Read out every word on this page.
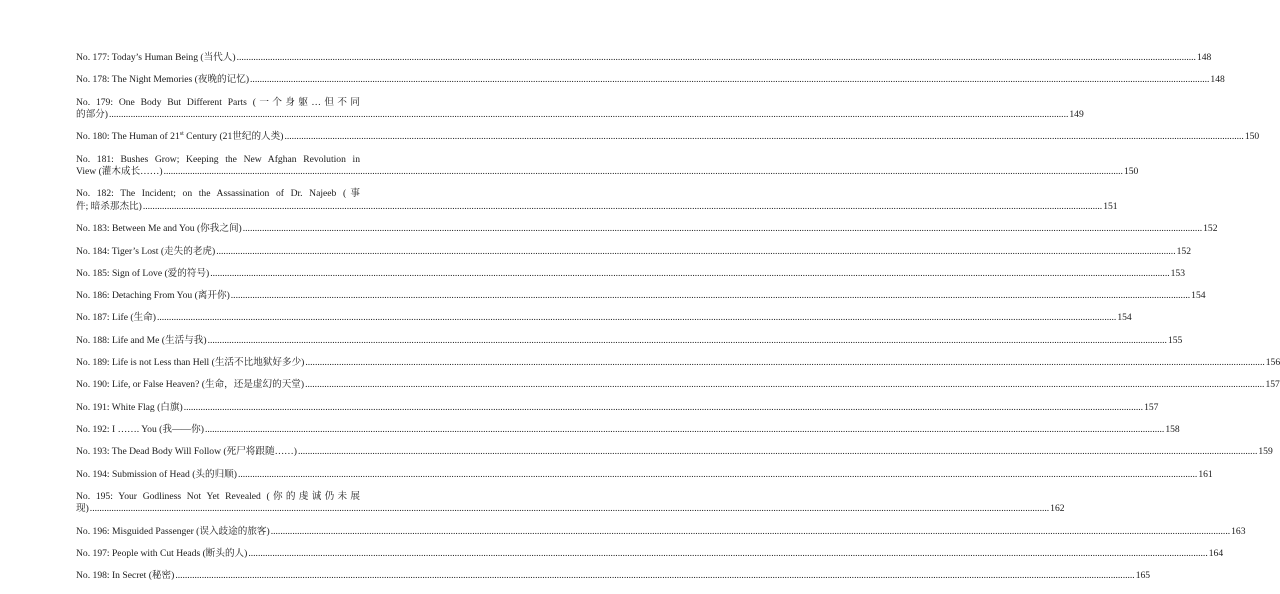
No. 177: Today’s Human Being (当代人) ................................................................................................................................................................................................................................................................................................................................................................................................................ 148
No. 178: The Night Memories (夜晚的记忆) ................................................................................................................................................................................................................................................................................................................................................................................................................ 148
No. 179: One Body But Different Parts (一个身躯…但不同
的部分) ................................................................................................................................................................................................................................................................................................................................................................................................................ 149
No. 180: The Human of 21st Century (21世纪的人类) ................................................................................................................................................................................................................................................................................................................................................................................................................ 150
No. 181: Bushes Grow; Keeping the New Afghan Revolution in
View (灌木成长……) ................................................................................................................................................................................................................................................................................................................................................................................................................ 150
No. 182: The Incident; on the Assassination of Dr. Najeeb (事
件; 暗杀那杰比) ................................................................................................................................................................................................................................................................................................................................................................................................................ 151
No. 183: Between Me and You (你我之间) ................................................................................................................................................................................................................................................................................................................................................................................................................ 152
No. 184: Tiger’s Lost (走失的老虎) ................................................................................................................................................................................................................................................................................................................................................................................................................ 152
No. 185: Sign of Love (爱的符号) ................................................................................................................................................................................................................................................................................................................................................................................................................ 153
No. 186: Detaching From You (离开你) ................................................................................................................................................................................................................................................................................................................................................................................................................ 154
No. 187: Life (生命) ................................................................................................................................................................................................................................................................................................................................................................................................................ 154
No. 188: Life and Me (生活与我) ................................................................................................................................................................................................................................................................................................................................................................................................................ 155
No. 189: Life is not Less than Hell (生活不比地狱好多少) ................................................................................................................................................................................................................................................................................................................................................................................................................ 156
No. 190: Life, or False Heaven? (生命，还是虚幻的天堂) ................................................................................................................................................................................................................................................................................................................................................................................................................ 157
No. 191: White Flag (白旗) ................................................................................................................................................................................................................................................................................................................................................................................................................ 157
No. 192: I ……. You (我——你) ................................................................................................................................................................................................................................................................................................................................................................................................................ 158
No. 193: The Dead Body Will Follow (死尸将跟随……) ................................................................................................................................................................................................................................................................................................................................................................................................................ 159
No. 194: Submission of Head (头的归顺) ................................................................................................................................................................................................................................................................................................................................................................................................................ 161
No. 195: Your Godliness Not Yet Revealed (你的虔诚仍未展
现) ................................................................................................................................................................................................................................................................................................................................................................................................................ 162
No. 196: Misguided Passenger (误入歧途的旅客) ................................................................................................................................................................................................................................................................................................................................................................................................................ 163
No. 197: People with Cut Heads (断头的人) ................................................................................................................................................................................................................................................................................................................................................................................................................ 164
No. 198: In Secret (秘密) ................................................................................................................................................................................................................................................................................................................................................................................................................ 165
